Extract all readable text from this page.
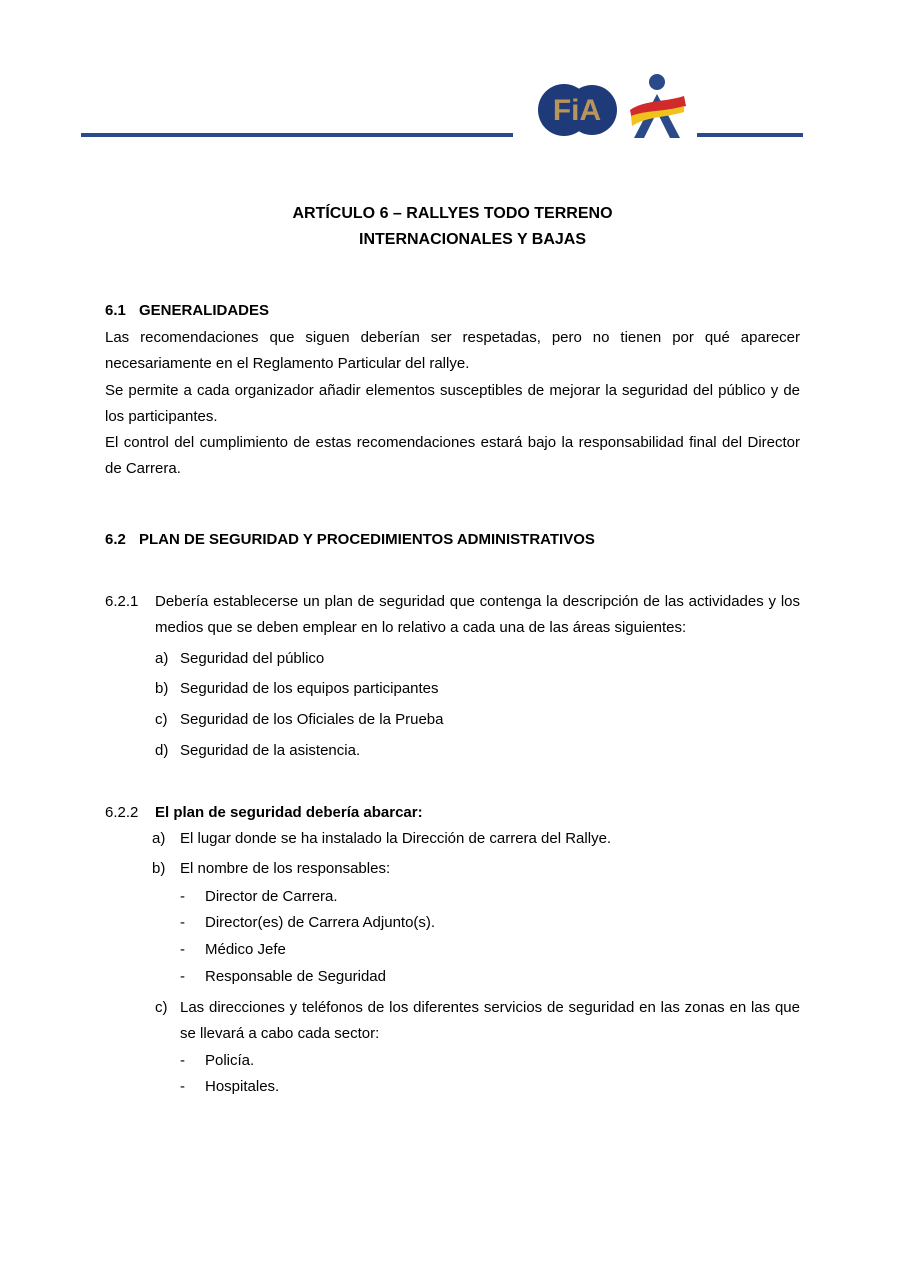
FiA
ARTÍCULO 6 – RALLYES TODO TERRENO
INTERNACIONALES Y BAJAS
6.1 GENERALIDADES

Las recomendaciones que siguen deberían ser respetadas, pero no tienen por qué aparecer necesariamente en el Reglamento Particular del rallye.

Se permite a cada organizador añadir elementos susceptibles de mejorar la seguridad del público y de los participantes.

El control del cumplimiento de estas recomendaciones estará bajo la responsabilidad final del Director de Carrera.

6.2 PLAN DE SEGURIDAD Y PROCEDIMIENTOS ADMINISTRATIVOS
6.2.1 Debería establecerse un plan de seguridad que contenga la descripción de las actividades y los medios que se deben emplear en lo relativo a cada una de las áreas siguientes:
a) Seguridad del público
b) Seguridad de los equipos participantes
c) Seguridad de los Oficiales de la Prueba
d) Seguridad de la asistencia.
6.2.2 El plan de seguridad debería abarcar:
a) El lugar donde se ha instalado la Dirección de carrera del Rallye.
b) El nombre de los responsables:
- Director de Carrera.
- Director(es) de Carrera Adjunto(s).
- Médico Jefe
- Responsable de Seguridad
c) Las direcciones y teléfonos de los diferentes servicios de seguridad en las zonas en las que se llevará a cabo cada sector:
- Policía.
- Hospitales.
